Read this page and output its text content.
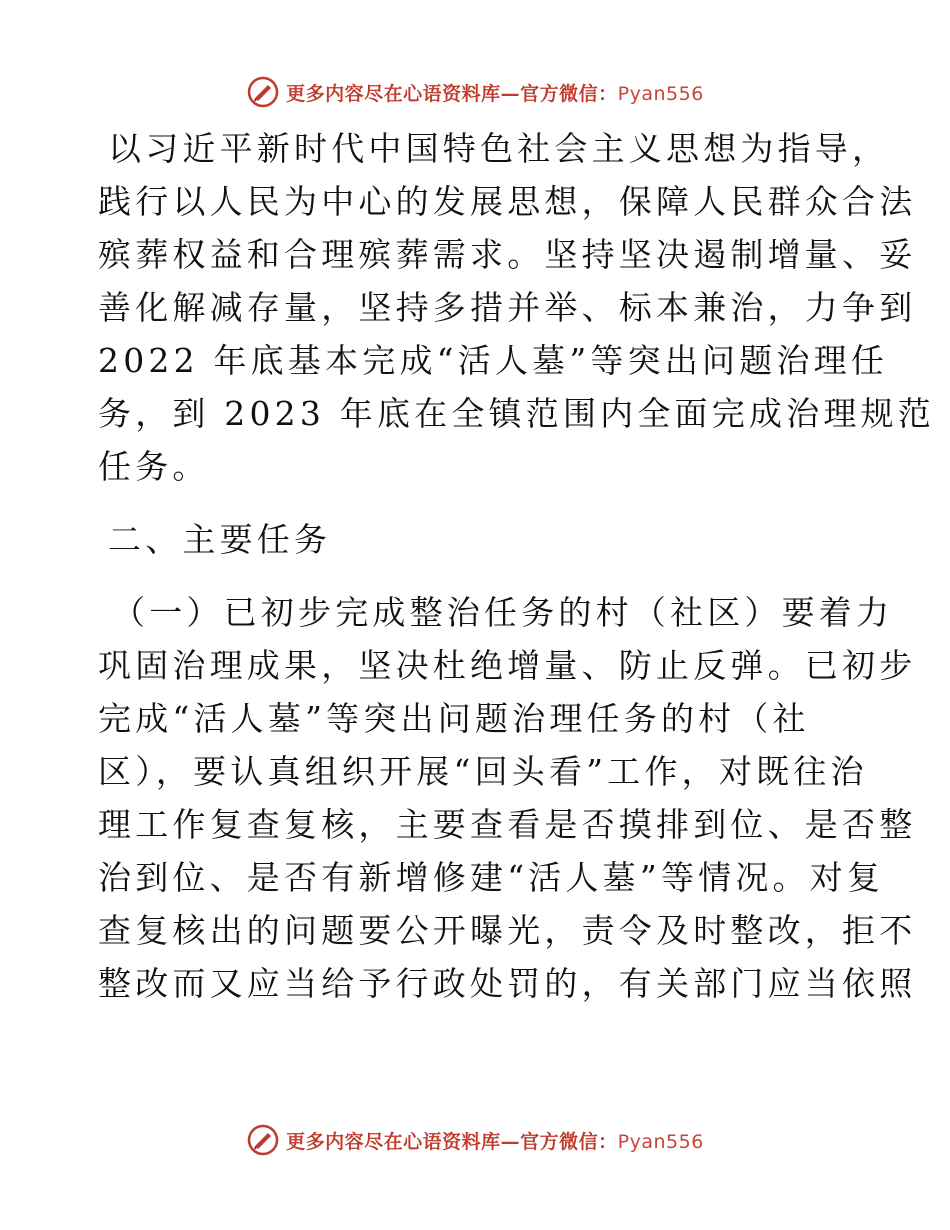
更多内容尽在心语资料库—官方微信：Pyan556
以习近平新时代中国特色社会主义思想为指导，
践行以人民为中心的发展思想，保障人民群众合法
殡葬权益和合理殡葬需求。坚持坚决遏制增量、妥
善化解减存量，坚持多措并举、标本兼治，力争到
2022 年底基本完成“活人墓”等突出问题治理任
务，到 2023 年底在全镇范围内全面完成治理规范
任务。
二、主要任务
（一）已初步完成整治任务的村（社区）要着力
巩固治理成果，坚决杜绝增量、防止反弹。已初步
完成“活人墓”等突出问题治理任务的村（社
区），要认真组织开展“回头看”工作，对既往治
理工作复查复核，主要查看是否摸排到位、是否整
治到位、是否有新增修建“活人墓”等情况。对复
查复核出的问题要公开曝光，责令及时整改，拒不
整改而又应当给予行政处罚的，有关部门应当依照
更多内容尽在心语资料库—官方微信：Pyan556
